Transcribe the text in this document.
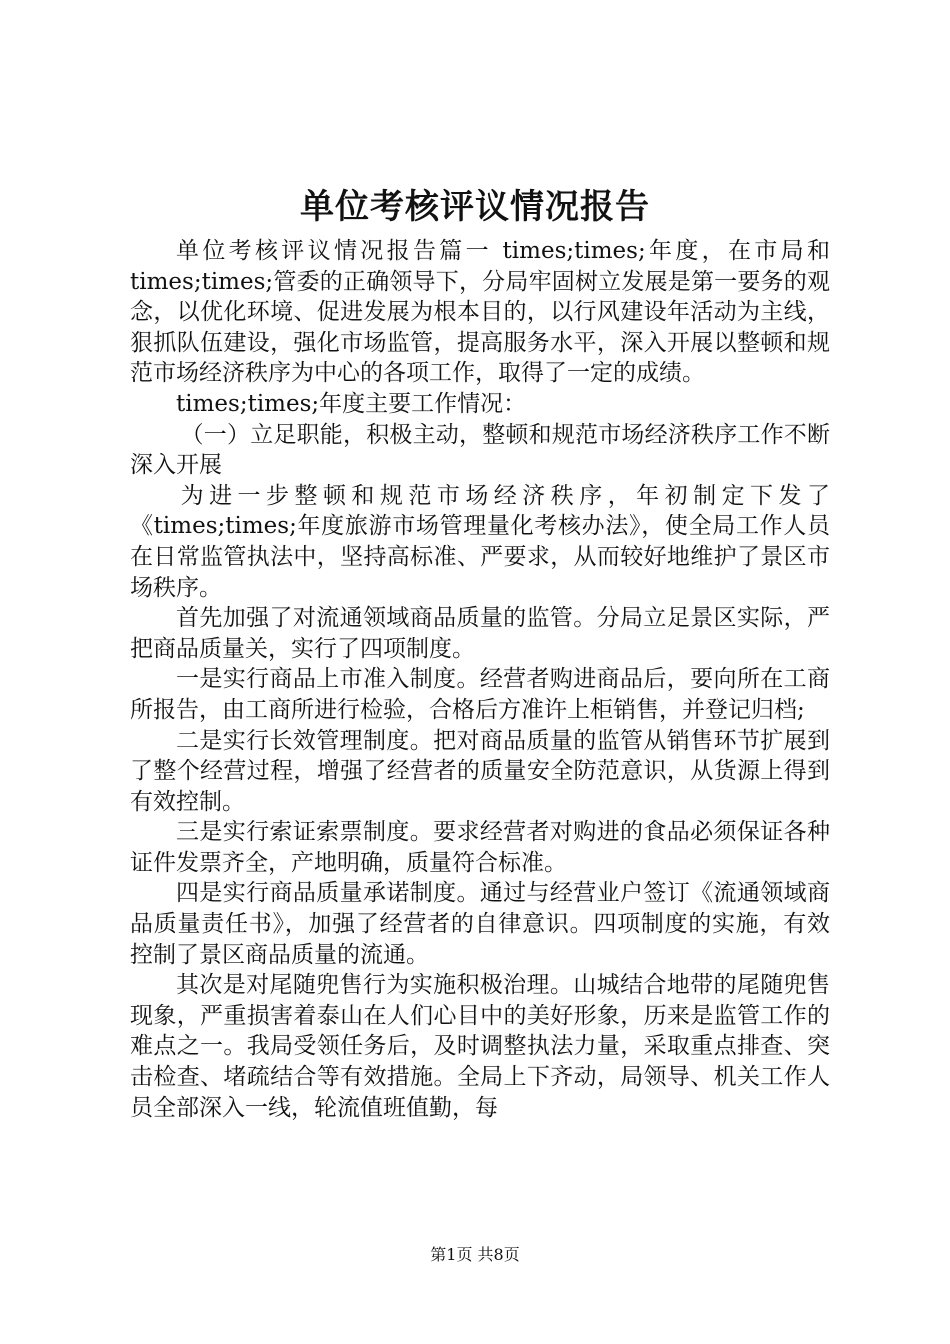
单位考核评议情况报告

单位考核评议情况报告篇一 times;times;年度，在市局和times;times;管委的正确领导下，分局牢固树立发展是第一要务的观念，以优化环境、促进发展为根本目的，以行风建设年活动为主线，狠抓队伍建设，强化市场监管，提高服务水平，深入开展以整顿和规范市场经济秩序为中心的各项工作，取得了一定的成绩。

times;times;年度主要工作情况：

（一）立足职能，积极主动，整顿和规范市场经济秩序工作不断深入开展

为进一步整顿和规范市场经济秩序，年初制定下发了《times;times;年度旅游市场管理量化考核办法》，使全局工作人员在日常监管执法中，坚持高标准、严要求，从而较好地维护了景区市场秩序。

首先加强了对流通领域商品质量的监管。分局立足景区实际，严把商品质量关，实行了四项制度。

一是实行商品上市准入制度。经营者购进商品后，要向所在工商所报告，由工商所进行检验，合格后方准许上柜销售，并登记归档;

二是实行长效管理制度。把对商品质量的监管从销售环节扩展到了整个经营过程，增强了经营者的质量安全防范意识，从货源上得到有效控制。

三是实行索证索票制度。要求经营者对购进的食品必须保证各种证件发票齐全，产地明确，质量符合标准。

四是实行商品质量承诺制度。通过与经营业户签订《流通领域商品质量责任书》，加强了经营者的自律意识。四项制度的实施，有效控制了景区商品质量的流通。

其次是对尾随兜售行为实施积极治理。山城结合地带的尾随兜售现象，严重损害着泰山在人们心目中的美好形象，历来是监管工作的难点之一。我局受领任务后，及时调整执法力量，采取重点排查、突击检查、堵疏结合等有效措施。全局上下齐动，局领导、机关工作人员全部深入一线，轮流值班值勤，每

第1页 共8页
